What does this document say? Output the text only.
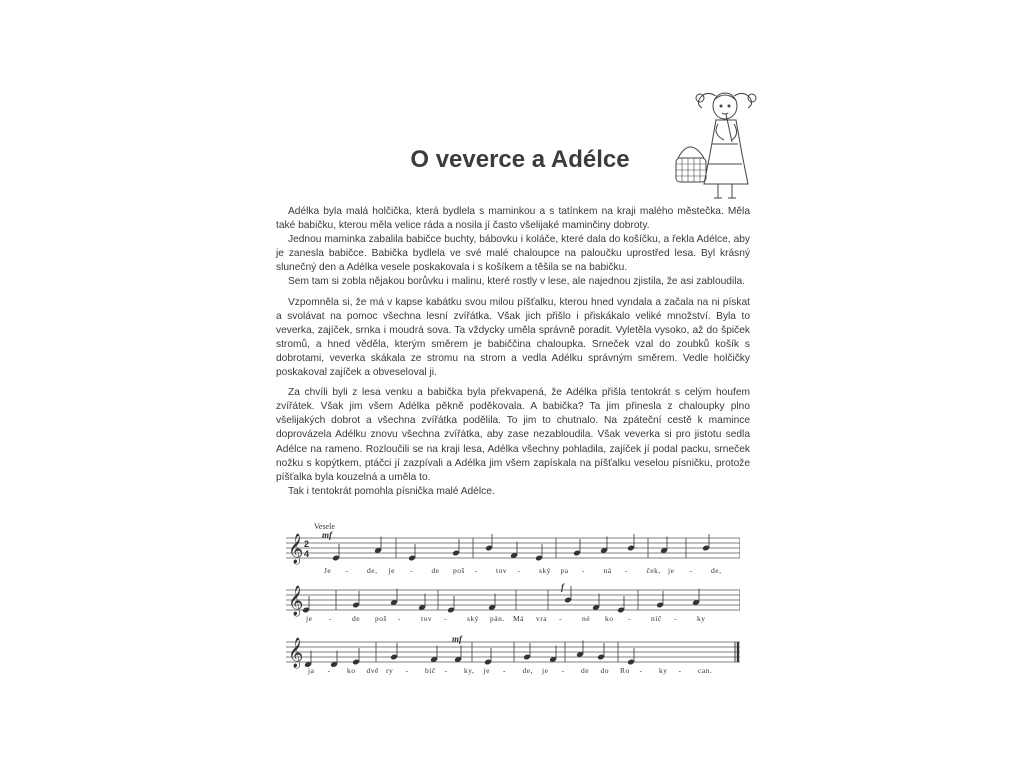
O veverce a Adélce

Adélka byla malá holčička, která bydlela s maminkou a s tatínkem na kraji malého městečka. Měla také babičku, kterou měla velice ráda a nosila jí často všelijaké maminčiny dobroty.

Jednou maminka zabalila babičce buchty, bábovku i koláče, které dala do košíčku, a řekla Adélce, aby je zanesla babičce. Babička bydlela ve své malé chaloupce na paloučku uprostřed lesa. Byl krásný slunečný den a Adélka vesele poskakovala i s košíkem a těšila se na babičku.

Sem tam si zobla nějakou borůvku i malinu, které rostly v lese, ale najednou zjistila, že asi zabloudila.

Vzpomněla si, že má v kapse kabátku svou milou píšťalku, kterou hned vyndala a začala na ni pískat a svolávat na pomoc všechna lesní zvířátka. Však jich přišlo i přiskákalo veliké množství. Byla to veverka, zajíček, srnka i moudrá sova. Ta vždycky uměla správně poradit. Vyletěla vysoko, až do špiček stromů, a hned věděla, kterým směrem je babiččina chaloupka. Srneček vzal do zoubků košík s dobrotami, veverka skákala ze stromu na strom a vedla Adélku správným směrem. Vedle holčičky poskakoval zajíček a obveseloval ji.

Za chvíli byli z lesa venku a babička byla překvapená, že Adélka přišla tentokrát s celým houfem zvířátek. Však jim všem Adélka pěkně poděkovala. A babička? Ta jim přinesla z chaloupky plno všelijakých dobrot a všechna zvířátka podělila. To jim to chutnalo. Na zpáteční cestě k mamince doprovázela Adélku znovu všechna zvířátka, aby zase nezabloudila. Však veverka si pro jistotu sedla Adélce na rameno. Rozloučili se na kraji lesa, Adélka všechny pohladila, zajíček jí podal packu, srneček nožku s kopýtkem, ptáčci jí zazpívali a Adélka jim všem zapískala na píšťalku veselou písničku, protože píšťalka byla kouzelná a uměla to.

Tak i tentokrát pomohla písnička malé Adélce.

Vesele
𝄞 2
4
Je - de, je - de poš - tov - ský pa - ná - ček, je - de,
𝄞
je -	de poš -	tov -	ský pán. Má vra -	né ko -	níč -	ky
𝄞
ja - ko dvě ry - bič - ky, je - de, je - de do Ro - ky - can.
mf
f
mf
